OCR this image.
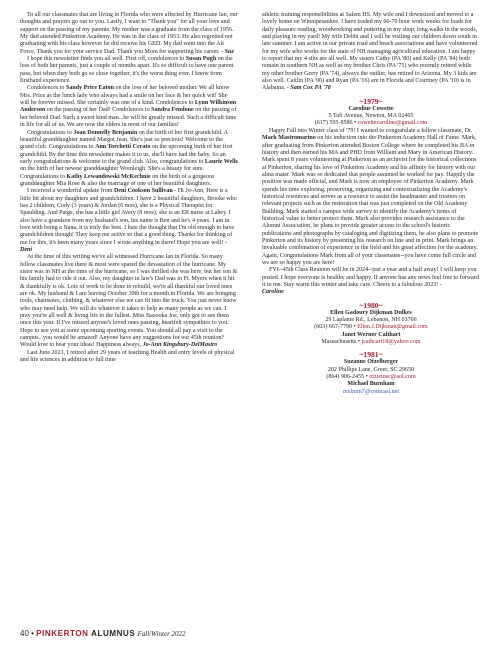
To all our classmates that are living in Florida who were affected by Hurricane Ian, our thoughts and prayers go out to you. Lastly, I want to "Thank you" for all your love and support on the passing of my parents. My mother was a graduate from the class of 1956. My dad attended Pinkerton Academy. He was in the class of 1953. He also regretted not graduating with his class however he did receive his GED. My dad went into the Air Force. Thank you for your service Dad. Thank you Mom for supporting his career. - Sue

I hope this newsletter finds you all well. First off, condolences to Susan Pugh on the loss of both her parents, just a couple of months apart. It's so difficult to have one parent pass, but when they both go so close together, it's the worst thing ever. I know from firsthand experience.

Condolences to Sandy Price Eaton on the loss of her beloved mother. We all know Mrs. Price as the lunch lady who always had a smile on her face & her quick wit! She will be forever missed. She certainly was one of a kind. Condolences to Lynn Wilkinson Anderson on the passing of her Dad! Condolences to Sandra Fendone on the passing of her beloved Dad. Such a sweet kind man...he will be greatly missed. Such a difficult time in life for all of us. We are now the elders in most of our families!

Congratulations to Joan Donnelly Benjamin on the birth of her first grandchild. A beautiful granddaughter named Margot Jean. She's just so precious! Welcome to the grand club. Congratulations to Ann Torchetti Cerato on the upcoming birth of her first grandchild. By the time this newsletter makes it to us, she'll have had the baby. So an early congratulations & welcome to the grand club. Also, congratulations to Laurie Wells on the birth of her newest granddaughter Wrenleigh. She's a beauty for sure. Congratulations to Kathy Lewandowski McKechnie on the birth of a gorgeous granddaughter Mia Rose & also the marriage of one of her beautiful daughters.

I received a wonderful update from Deni Cookson Sullivan - Hi Jo-Ann, Here is a little bit about my daughters and grandchildren. I have 2 beautiful daughters, Brooke who has 2 children, Cody (3 years) & Jordan (6 mos), she is a Physical Therapist for Spaulding. And Paige, she has a little girl Avery (8 mos), she is an ER nurse at Lahey. I also have a grandson from my husband's son, his name is Ben and he's 4 years. I am in love with being a Nana, it is truly the best. I hate the thought that I'm old enough to have grandchildren though! They keep me active so that a good thing. Thanks for thinking of me for this, it's been many years since I wrote anything in there! Hope you are well! - Deni

At the time of this writing we've all witnessed Hurricane Ian in Florida. So many fellow classmates live there & most were spared the devastation of the hurricane. My sister was in NH at the time of the hurricane, so I was thrilled she was here, but her son & his family had to ride it out. Also, my daughter in law's Dad was in Ft. Myers when it hit & thankfully is ok. Lots of work to be done to rebuild, we're all thankful our loved ones are ok. My husband & I are leaving October 30th for a month in Florida. We are bringing tools, chainsaws, clothing, & whatever else we can fit into the truck. You just never know who may need help. We will do whatever it takes to help as many people as we can. I pray you're all well & living life to the fullest. Miss Bazooka Joe, only got to see them once this year. If I've missed anyone's loved ones passing, heartfelt sympathies to you. Hope to see you at some upcoming sporting events. You should all pay a visit to the campus...you would be amazed! Anyone have any suggestions for our 45th reunion? Would love to hear your ideas! Happiness always, Jo-Ann Kingsbury-DelMastro

Last June 2021, I retired after 29 years of teaching Health and entry levels of physical and life sciences in addition to full time

athletic training responsibilities at Salem HS. My wife and I downsized and moved to a lovely home on Winnipesaukee. I have traded my 60-70 hour work weeks for loads for daily pleasure reading, woodworking and puttering in my shop, long walks in the woods, and playing in my yard! My wife Debbi and I will be visiting our children down south in late summer. I am active in our private road and beach associations and have volunteered for my wife who works for the state of NH managing agricultural education. I am happy to report that my 4 sibs are all well. My sisters Cathy (PA '80) and Kelly (PA '84) both remain in southern NH as well as my brother Chris (PA '75) who recently retired while my other brother Gerry (PA '74), always the outlier, has retired to Arizona. My 3 kids are also well. Caitlin (PA '06) and Ryan (PA '16) are in Florida and Courtney (PA '10) is in Alabama. - Sam Cox PA '78

~1979~

Caroline Cowette

5 Taft Avenue, Newton, MA 02465

(617) 595-8586 • cowettecaroline@gmail.com

Happy Fall into Winter class of '79! I wanted to congratulate a fellow classmate, Dr. Mark Mastromarino on his induction into the Pinkerton Academy Hall of Fame. Mark, after graduating from Pinkerton attended Boston College where he completed his BA in history and then earned his MA and PHD from William and Mary in American History. Mark spent 8 years volunteering at Pinkerton as an archivist for the historical collections at Pinkerton, sharing his love of Pinkerton Academy and his affinity for history with our alma mater. Mark was so dedicated that people assumed he worked for pay. Happily the position was made official, and Mark is now an employee of Pinkerton Academy. Mark spends his time exploring, preserving, organizing and contextualizing the Academy's historical resources and serves as a resource to assist the headmaster and trustees on relevant projects such as the restoration that was just completed on the Old Academy Building. Mark started a campus wide survey to identify the Academy's items of historical value to better protect them. Mark also provides research assistance to the Alumni Association, he plans to provide greater access to the school's historic publications and photographs by cataloging and digitizing them, he also plans to promote Pinkerton and its history by presenting his research on line and in print. Mark brings an invaluable combination of experience in the field and his great affection for the academy. Again, Congratulations Mark from all of your classmates--you have come full circle and we are so happy you are here!

FYI--45th Class Reunion will be in 2024--just a year and a half away! I will keep you posted. I hope everyone is healthy and happy. If anyone has any news feel free to forward it to me. Stay warm this winter and take care. Cheers to a fabulous 2023! -
Caroline

~1980~

Ellen Gadoury Dijkman Dulkes

29 Laplante Rd., Lebanon, NH 03766

(603) 667-7790 • Ellen.J.Dijkman@gmail.com

Janet Werner Calthart

Massachusetts • jcathcart18@yahoo.com

~1981~

Suzanne Otzelberger

202 Phillips Lane, Greer, SC 29650

(864) 906-2455 • otzieinsc@aol.com

Michael Burnham

mxburn7@comcast.net

40 • PINKERTON ALUMNUS Fall/Winter 2022
